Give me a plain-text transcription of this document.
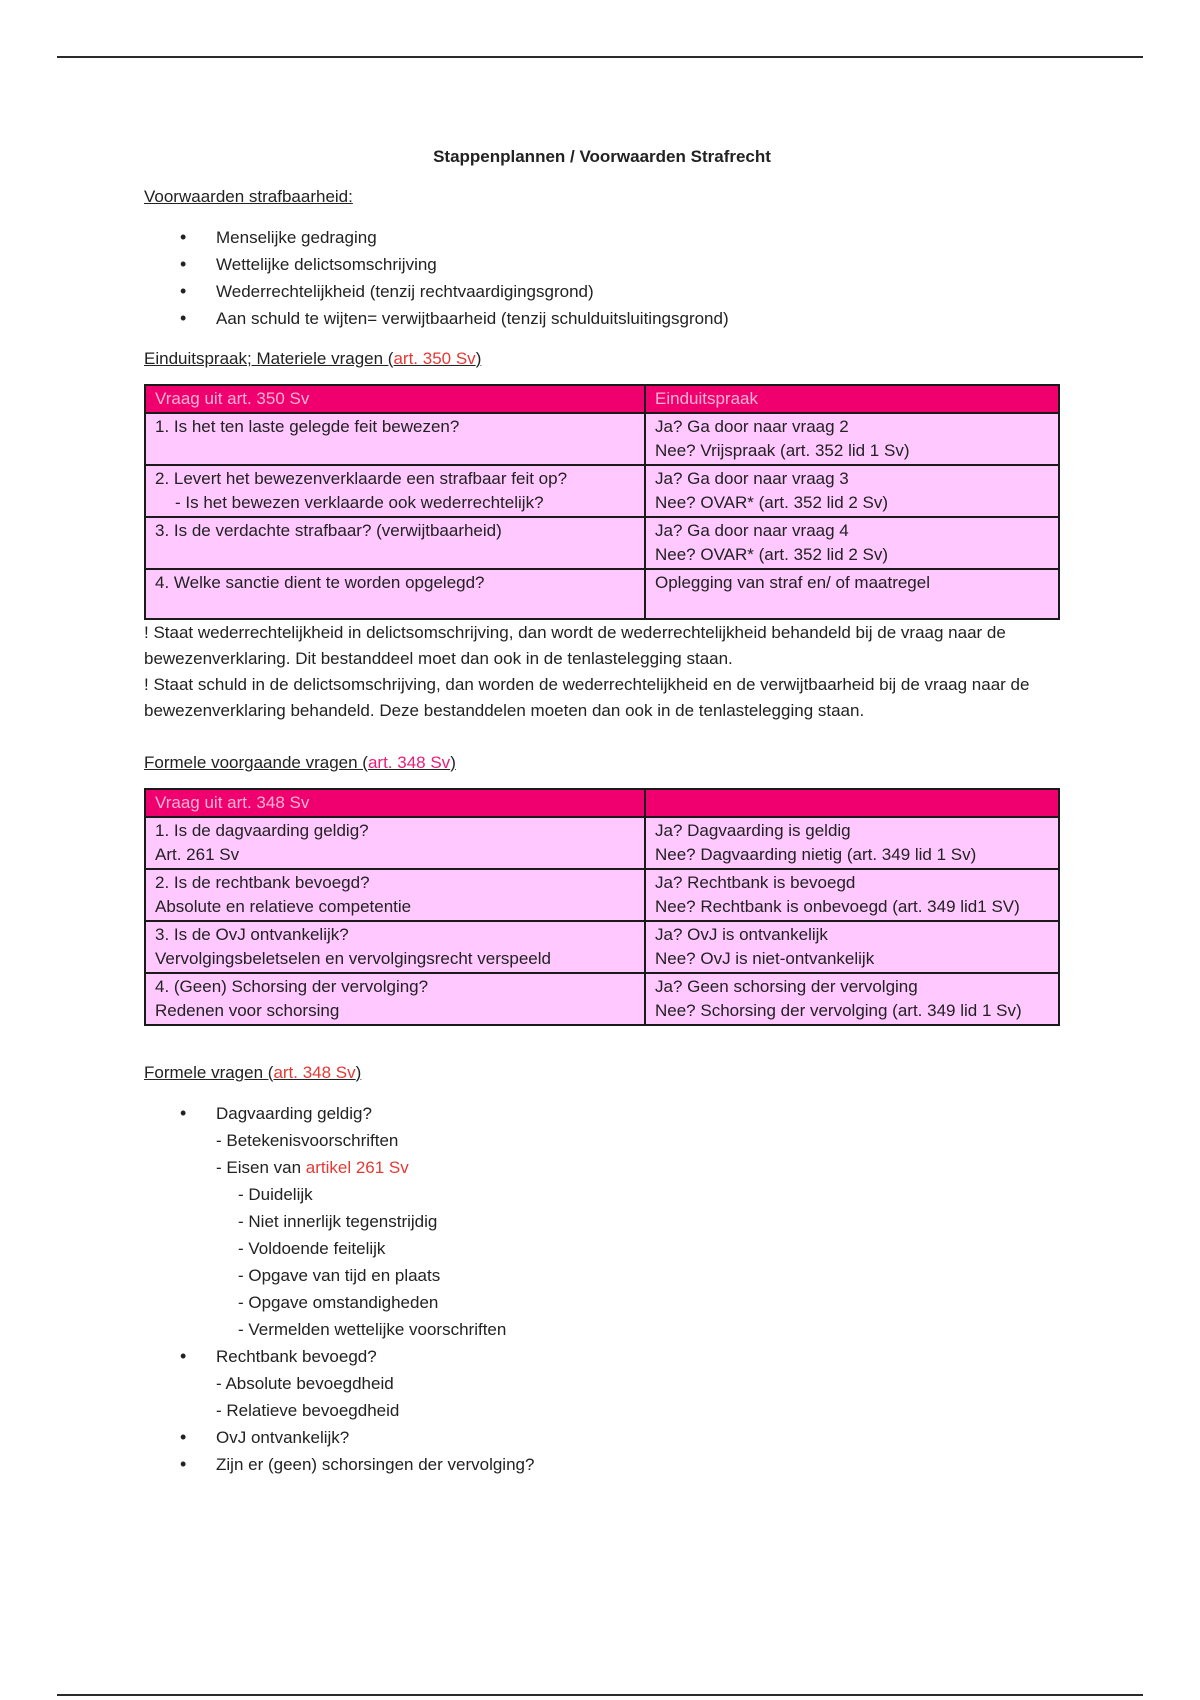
Stappenplannen / Voorwaarden Strafrecht

Voorwaarden strafbaarheid:

• Menselijke gedraging
• Wettelijke delictsomschrijving
• Wederrechtelijkheid (tenzij rechtvaardigingsgrond)
• Aan schuld te wijten= verwijtbaarheid (tenzij schulduitsluitingsgrond)

Einduitspraak; Materiele vragen (art. 350 Sv)

Vraag uit art. 350 Sv	Einduitspraak

1. Is het ten laste gelegde feit bewezen?	Ja? Ga door naar vraag 2
Nee? Vrijspraak (art. 352 lid 1 Sv)

2. Levert het bewezenverklaarde een strafbaar feit op?
- Is het bewezen verklaarde ook wederrechtelijk?	Ja? Ga door naar vraag 3
Nee? OVAR* (art. 352 lid 2 Sv)

3. Is de verdachte strafbaar? (verwijtbaarheid)	Ja? Ga door naar vraag 4
Nee? OVAR* (art. 352 lid 2 Sv)

4. Welke sanctie dient te worden opgelegd?	Oplegging van straf en/ of maatregel

! Staat wederrechtelijkheid in delictsomschrijving, dan wordt de wederrechtelijkheid behandeld bij de vraag naar de bewezenverklaring. Dit bestanddeel moet dan ook in de tenlastelegging staan.

! Staat schuld in de delictsomschrijving, dan worden de wederrechtelijkheid en de verwijtbaarheid bij de vraag naar de bewezenverklaring behandeld. Deze bestanddelen moeten dan ook in de tenlastelegging staan.

Formele voorgaande vragen (art. 348 Sv)

Vraag uit art. 348 Sv	

1. Is de dagvaarding geldig?
Art. 261 Sv	Ja? Dagvaarding is geldig
Nee? Dagvaarding nietig (art. 349 lid 1 Sv)

2. Is de rechtbank bevoegd?
Absolute en relatieve competentie	Ja? Rechtbank is bevoegd
Nee? Rechtbank is onbevoegd (art. 349 lid1 SV)

3. Is de OvJ ontvankelijk?
Vervolgingsbeletselen en vervolgingsrecht verspeeld	Ja? OvJ is ontvankelijk
Nee? OvJ is niet-ontvankelijk

4. (Geen) Schorsing der vervolging?
Redenen voor schorsing	Ja? Geen schorsing der vervolging
Nee? Schorsing der vervolging (art. 349 lid 1 Sv)

Formele vragen (art. 348 Sv)

• Dagvaarding geldig?
- Betekenisvoorschriften
- Eisen van artikel 261 Sv
- Duidelijk
- Niet innerlijk tegenstrijdig
- Voldoende feitelijk
- Opgave van tijd en plaats
- Opgave omstandigheden
- Vermelden wettelijke voorschriften
• Rechtbank bevoegd?
- Absolute bevoegdheid
- Relatieve bevoegdheid
• OvJ ontvankelijk?
• Zijn er (geen) schorsingen der vervolging?
